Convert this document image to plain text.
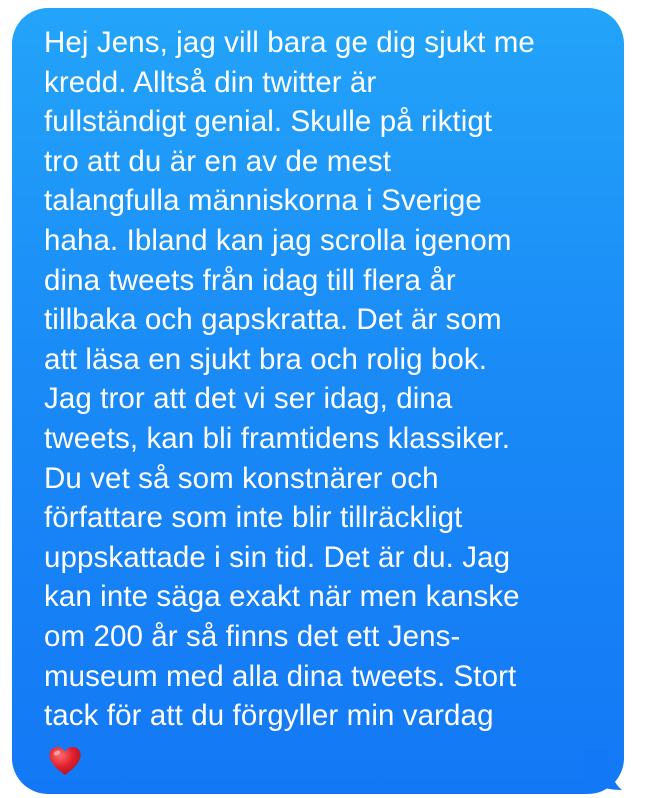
Hej Jens, jag vill bara ge dig sjukt me
kredd. Alltså din twitter är
fullständigt genial. Skulle på riktigt
tro att du är en av de mest
talangfulla människorna i Sverige
haha. Ibland kan jag scrolla igenom
dina tweets från idag till flera år
tillbaka och gapskratta. Det är som
att läsa en sjukt bra och rolig bok.
Jag tror att det vi ser idag, dina
tweets, kan bli framtidens klassiker.
Du vet så som konstnärer och
författare som inte blir tillräckligt
uppskattade i sin tid. Det är du. Jag
kan inte säga exakt när men kanske
om 200 år så finns det ett Jens-
museum med alla dina tweets. Stort
tack för att du förgyller min vardag
